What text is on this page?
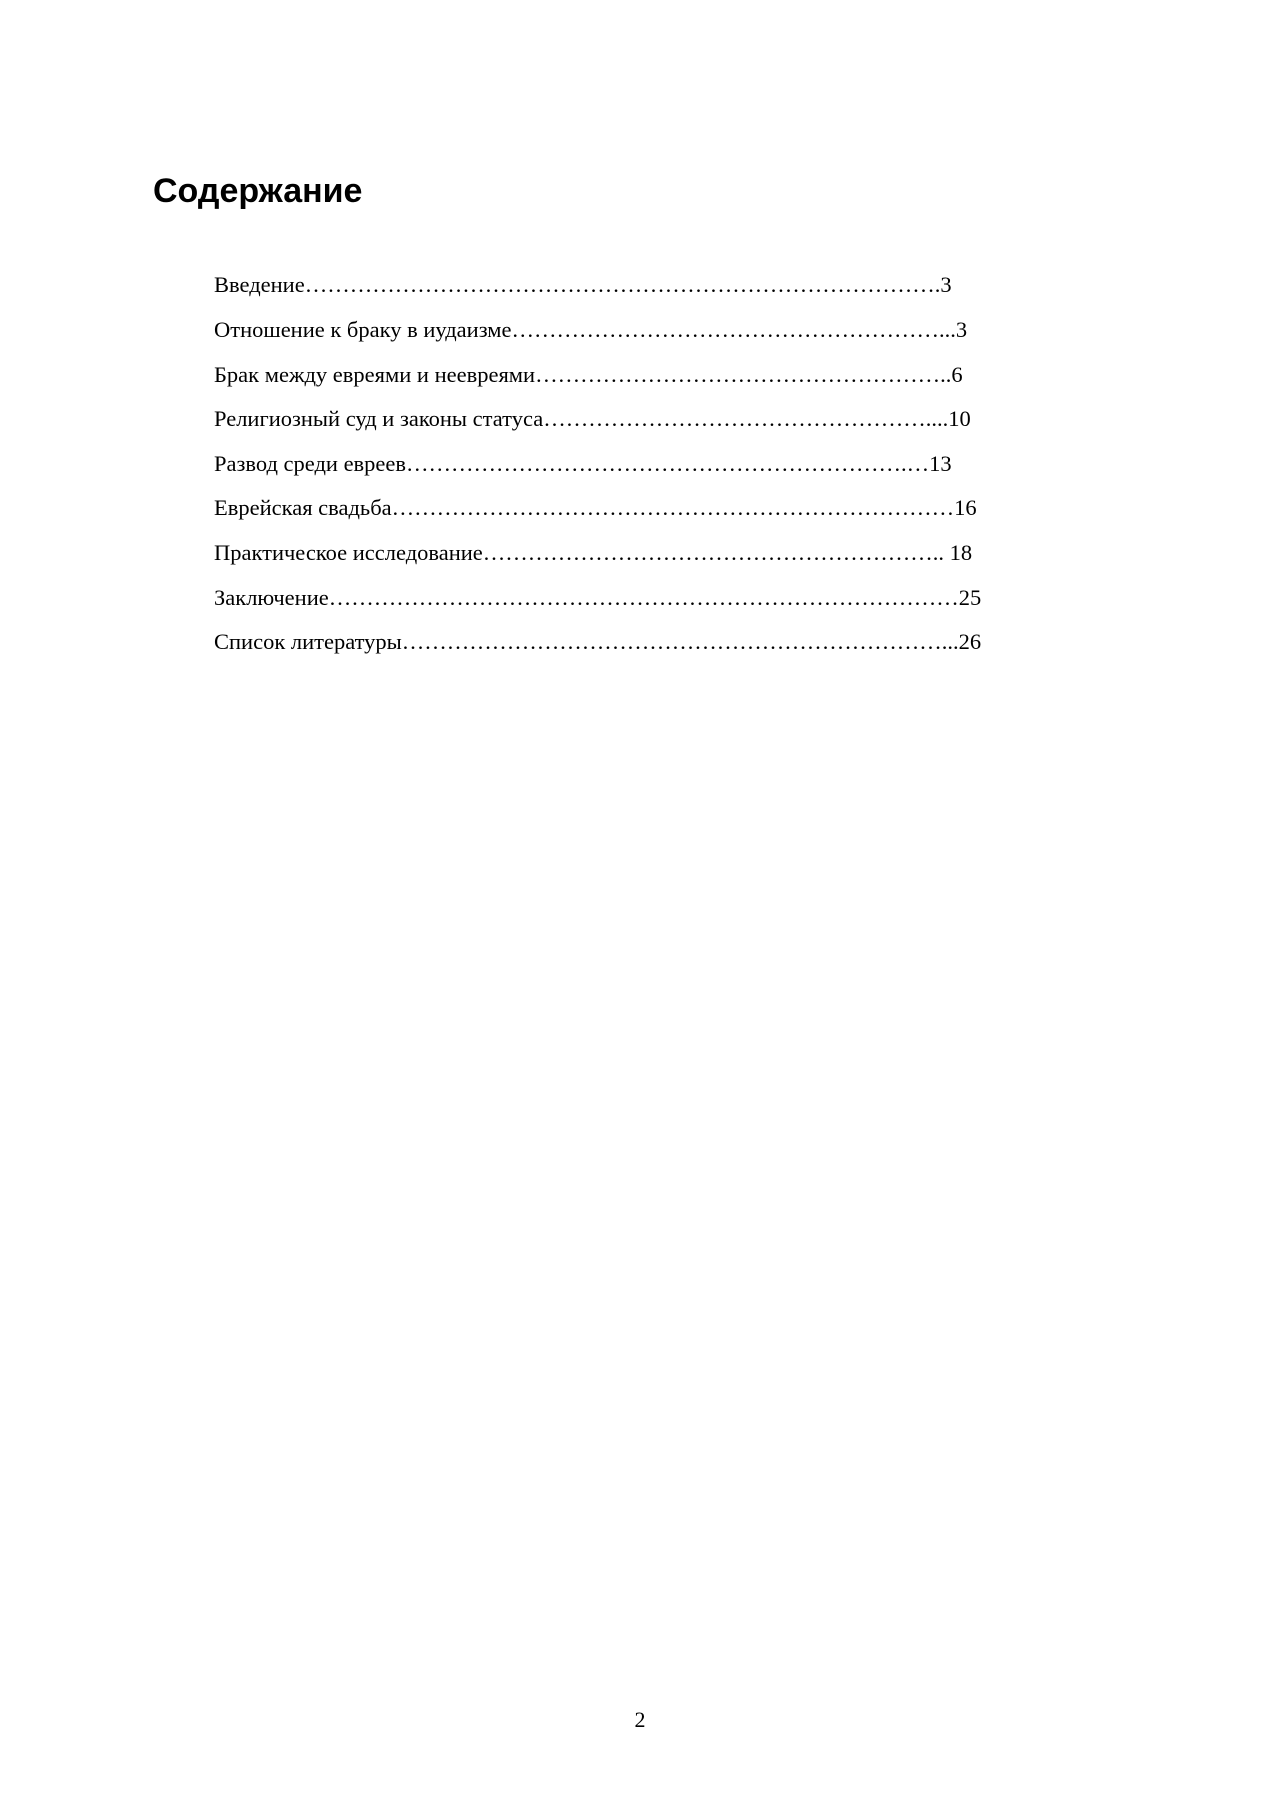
Содержание
Введение………………………………………………………………………….3
Отношение к браку в иудаизме…………………………………………………...3
Брак между евреями и неевреями………………………………………………..6
Религиозный суд и законы статуса……………………………………………....10
Развод среди евреев………………………………………………………….…13
Еврейская свадьба…………………………………………………………………16
Практическое исследование…………………………………………………….. 18
Заключение…………………………………………………………………………25
Список литературы………………………………………………………………...26
2
